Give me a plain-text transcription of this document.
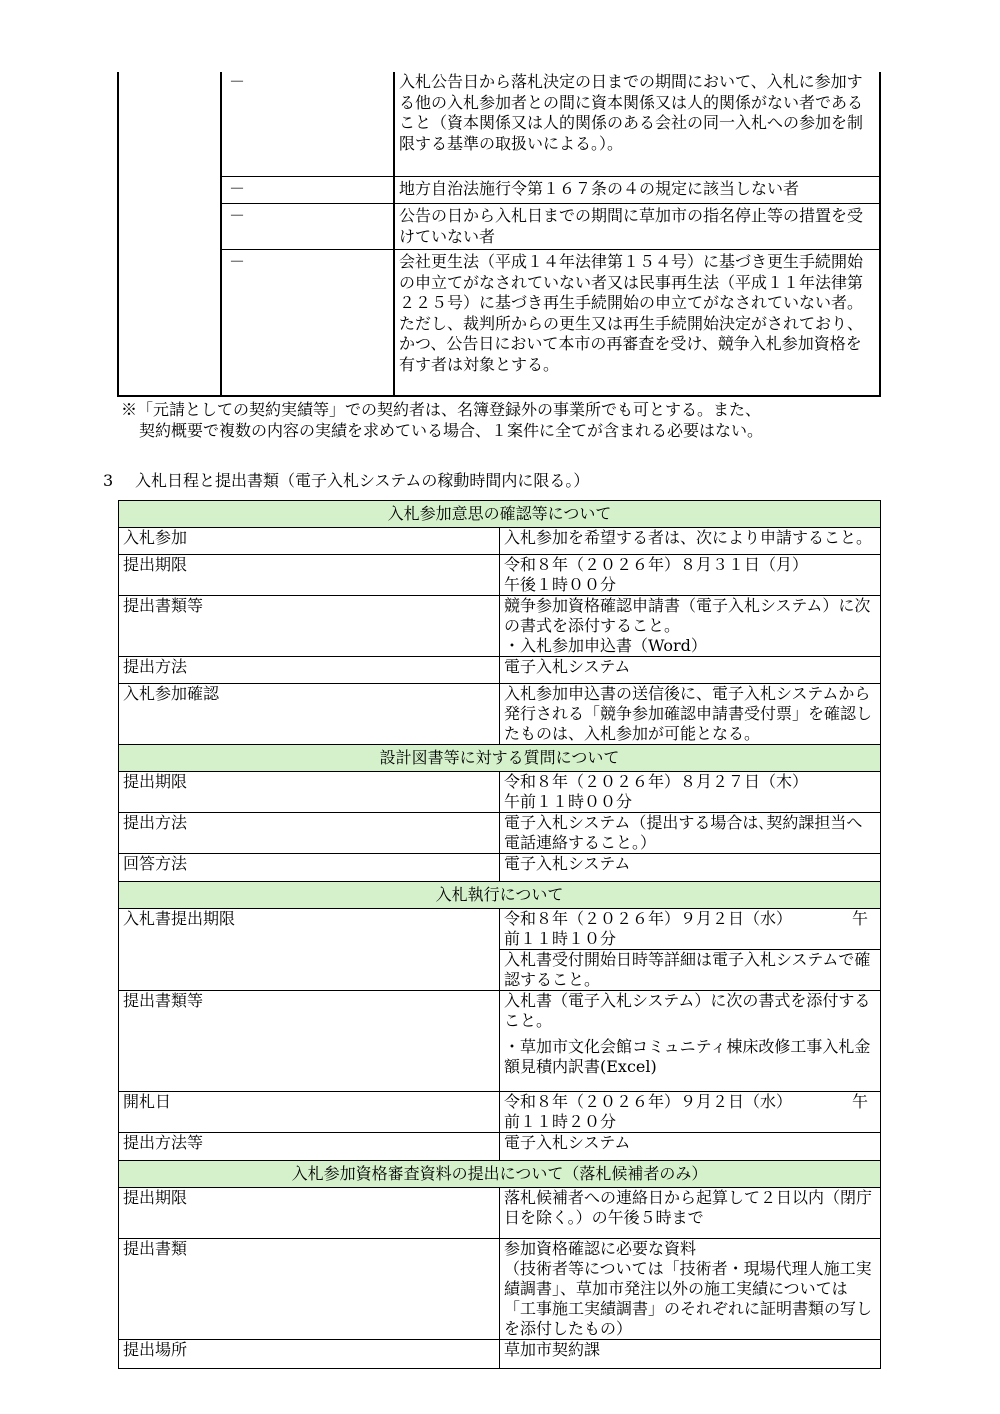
－	入札公告日から落札決定の日までの期間において、入札に参加する他の入札参加者との間に資本関係又は人的関係がない者であること（資本関係又は人的関係のある会社の同一入札への参加を制限する基準の取扱いによる。）。
－	地方自治法施行令第１６７条の４の規定に該当しない者
－	公告の日から入札日までの期間に草加市の指名停止等の措置を受けていない者
－	会社更生法（平成１４年法律第１５４号）に基づき更生手続開始の申立てがなされていない者又は民事再生法（平成１１年法律第２２５号）に基づき再生手続開始の申立てがなされていない者。ただし、裁判所からの更生又は再生手続開始決定がされており、かつ、公告日において本市の再審査を受け、競争入札参加資格を有す者は対象とする。
※「元請としての契約実績等」での契約者は、名簿登録外の事業所でも可とする。また、
契約概要で複数の内容の実績を求めている場合、１案件に全てが含まれる必要はない。
3 入札日程と提出書類（電子入札システムの稼動時間内に限る。）
入札参加意思の確認等について	
入札参加	入札参加を希望する者は、次により申請すること。
提出期限	令和８年（２０２６年）８月３１日（月）午後１時００分
提出書類等	競争参加資格確認申請書（電子入札システム）に次の書式を添付すること。
・入札参加申込書（Word）

提出方法	電子入札システム
入札参加確認	入札参加申込書の送信後に、電子入札システムから発行される「競争参加確認申請書受付票」を確認したものは、入札参加が可能となる。
設計図書等に対する質問について	
提出期限	令和８年（２０２６年）８月２７日（木）午前１１時００分
提出方法	電子入札システム（提出する場合は､契約課担当へ電話連絡すること。）
回答方法	電子入札システム
入札執行について	
入札書提出期限	令和８年（２０２６年）９月２日（水） 午前１１時１０分
	入札書受付開始日時等詳細は電子入札システムで確認すること。
提出書類等	入札書（電子入札システム）に次の書式を添付すること。
・草加市文化会館コミュニティ棟床改修工事入札金額見積内訳書(Excel)

開札日	令和８年（２０２６年）９月２日（水） 午前１１時２０分
提出方法等	電子入札システム
入札参加資格審査資料の提出について（落札候補者のみ）	
提出期限	落札候補者への連絡日から起算して２日以内（閉庁日を除く。）の午後５時まで
提出書類	参加資格確認に必要な資料
（技術者等については「技術者・現場代理人施工実績調書」、草加市発注以外の施工実績については「工事施工実績調書」のそれぞれに証明書類の写しを添付したもの）

提出場所	草加市契約課
